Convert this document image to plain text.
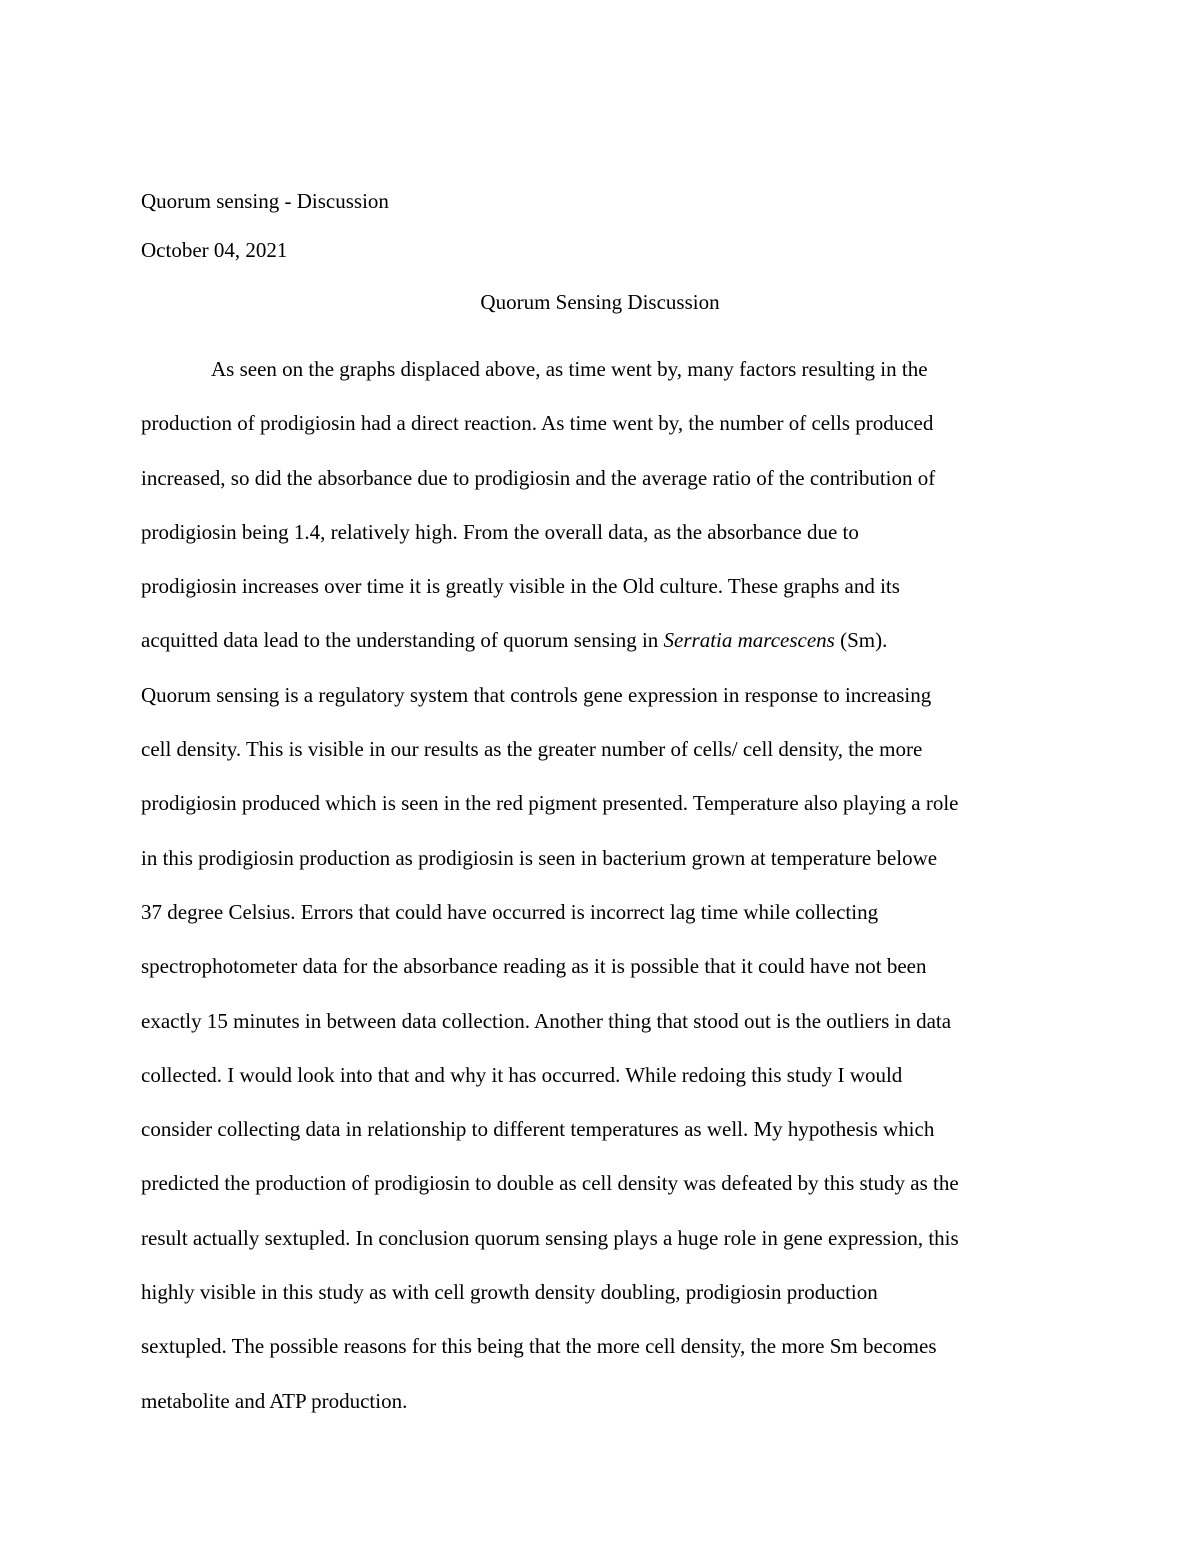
Quorum sensing - Discussion
October 04, 2021
Quorum Sensing Discussion
As seen on the graphs displaced above, as time went by, many factors resulting in the
production of prodigiosin had a direct reaction. As time went by, the number of cells produced
increased, so did the absorbance due to prodigiosin and the average ratio of the contribution of
prodigiosin being 1.4, relatively high. From the overall data, as the absorbance due to
prodigiosin increases over time it is greatly visible in the Old culture. These graphs and its
acquitted data lead to the understanding of quorum sensing in Serratia marcescens (Sm).
Quorum sensing is a regulatory system that controls gene expression in response to increasing
cell density. This is visible in our results as the greater number of cells/ cell density, the more
prodigiosin produced which is seen in the red pigment presented. Temperature also playing a role
in this prodigiosin production as prodigiosin is seen in bacterium grown at temperature belowe
37 degree Celsius. Errors that could have occurred is incorrect lag time while collecting
spectrophotometer data for the absorbance reading as it is possible that it could have not been
exactly 15 minutes in between data collection. Another thing that stood out is the outliers in data
collected. I would look into that and why it has occurred. While redoing this study I would
consider collecting data in relationship to different temperatures as well. My hypothesis which
predicted the production of prodigiosin to double as cell density was defeated by this study as the
result actually sextupled. In conclusion quorum sensing plays a huge role in gene expression, this
highly visible in this study as with cell growth density doubling, prodigiosin production
sextupled. The possible reasons for this being that the more cell density, the more Sm becomes
metabolite and ATP production.
